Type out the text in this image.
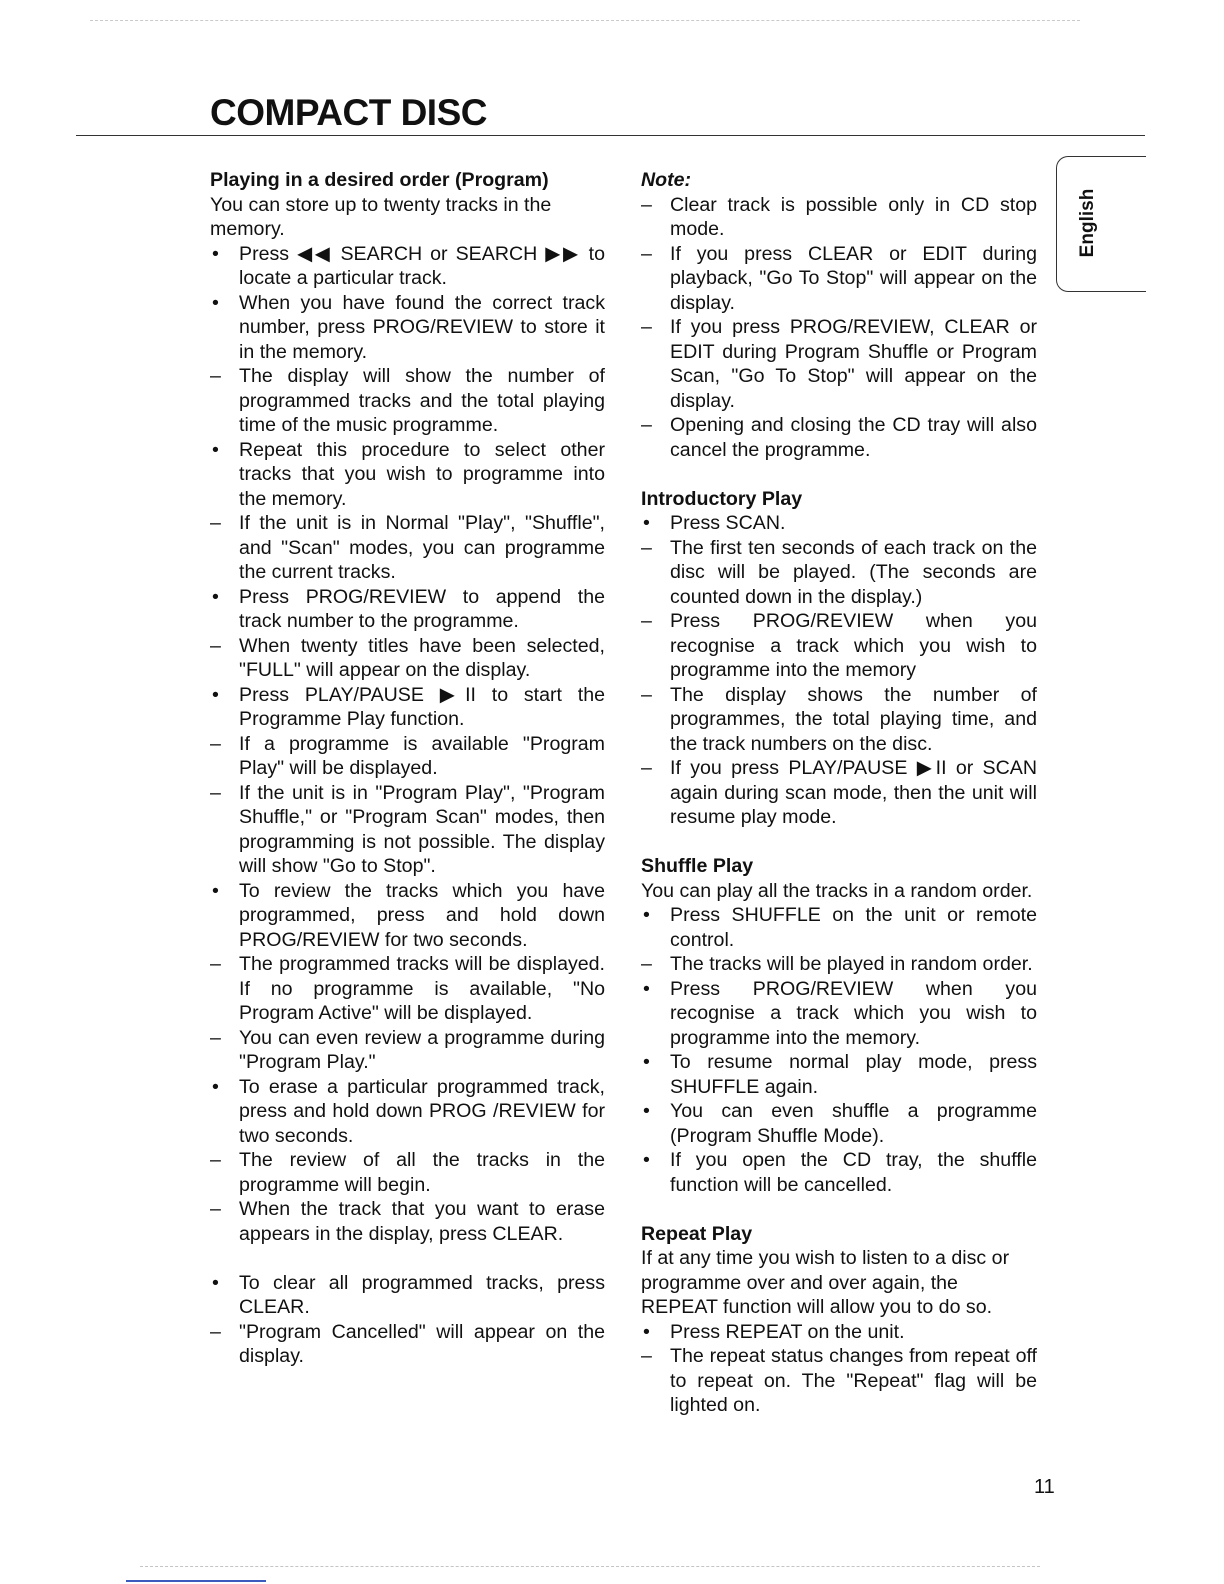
COMPACT DISC
English
Playing in a desired order (Program)
You can store up to twenty tracks in the memory.
•	Press ◀◀ SEARCH or SEARCH ▶▶ to locate a particular track.
•	When you have found the correct track number, press PROG/REVIEW to store it in the memory.
– The display will show the number of programmed tracks and the total playing time of the music programme.
•	Repeat this procedure to select other tracks that you wish to programme into the memory.
– If the unit is in Normal "Play", "Shuffle", and "Scan" modes, you can programme the current tracks.
•	Press PROG/REVIEW to append the track number to the programme.
– When twenty titles have been selected, "FULL" will appear on the display.
•	Press PLAY/PAUSE ▶II to start the Programme Play function.
– If a programme is available "Program Play" will be displayed.
– If the unit is in "Program Play", "Program Shuffle," or "Program Scan" modes, then programming is not possible. The display will show "Go to Stop".
•	To review the tracks which you have programmed, press and hold down PROG/REVIEW for two seconds.
– The programmed tracks will be displayed. If no programme is available, "No Program Active" will be displayed.
– You can even review a programme during "Program Play."
•	To erase a particular programmed track, press and hold down PROG /REVIEW for two seconds.
– The review of all the tracks in the programme will begin.
– When the track that you want to erase appears in the display, press CLEAR.
•	To clear all programmed tracks, press CLEAR.
– "Program Cancelled" will appear on the display.
Note:
– Clear track is possible only in CD stop mode.
– If you press CLEAR or EDIT during playback, "Go To Stop" will appear on the display.
– If you press PROG/REVIEW, CLEAR or EDIT during Program Shuffle or Program Scan, "Go To Stop" will appear on the display.
– Opening and closing the CD tray will also cancel the programme.
Introductory Play
•	Press SCAN.
– The first ten seconds of each track on the disc will be played. (The seconds are counted down in the display.)
– Press PROG/REVIEW when you recognise a track which you wish to programme into the memory
– The display shows the number of programmes, the total playing time, and the track numbers on the disc.
– If you press PLAY/PAUSE ▶II or SCAN again during scan mode, then the unit will resume play mode.
Shuffle Play
You can play all the tracks in a random order.
•	Press SHUFFLE on the unit or remote control.
– The tracks will be played in random order.
•	Press PROG/REVIEW when you recognise a track which you wish to programme into the memory.
•	To resume normal play mode, press SHUFFLE again.
•	You can even shuffle a programme (Program Shuffle Mode).
•	If you open the CD tray, the shuffle function will be cancelled.
Repeat Play
If at any time you wish to listen to a disc or programme over and over again, the REPEAT function will allow you to do so.
•	Press REPEAT on the unit.
– The repeat status changes from repeat off to repeat on. The "Repeat" flag will be lighted on.

11
